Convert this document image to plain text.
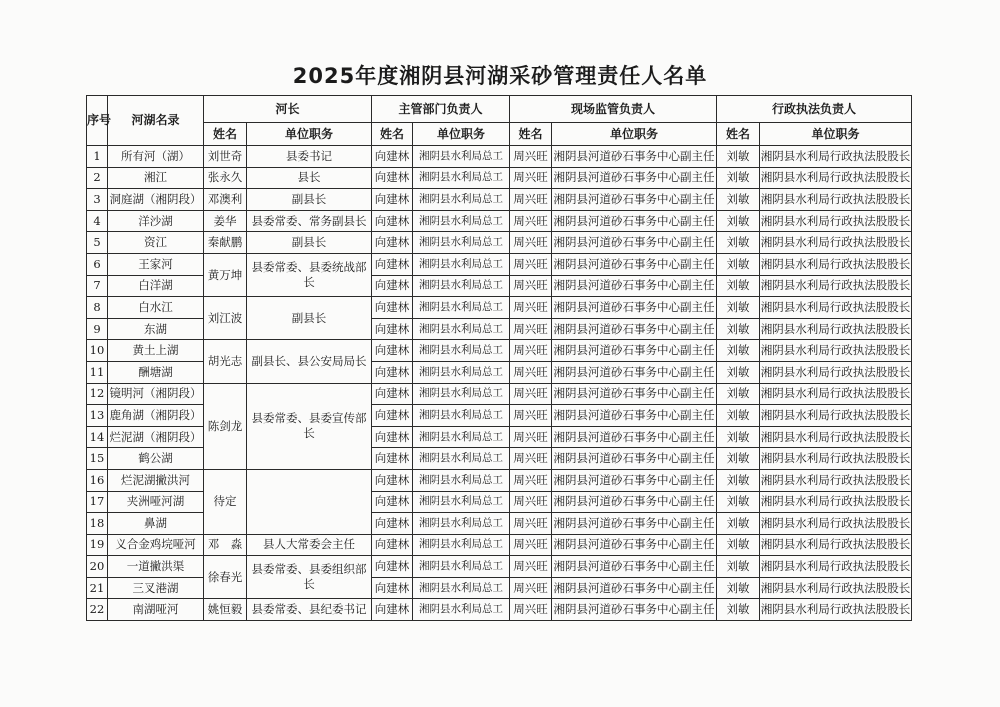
2025年度湘阴县河湖采砂管理责任人名单
序号	河湖名录	河长		主管部门负责人		现场监管负责人		行政执法负责人	
		姓名	单位职务	姓名	单位职务	姓名	单位职务	姓名	单位职务
1	所有河（湖）	刘世奇	县委书记	向建林	湘阴县水利局总工	周兴旺	湘阴县河道砂石事务中心副主任	刘敏	湘阴县水利局行政执法股股长
2	湘江	张永久	县长	向建林	湘阴县水利局总工	周兴旺	湘阴县河道砂石事务中心副主任	刘敏	湘阴县水利局行政执法股股长
3	洞庭湖（湘阴段）	邓澳利	副县长	向建林	湘阴县水利局总工	周兴旺	湘阴县河道砂石事务中心副主任	刘敏	湘阴县水利局行政执法股股长
4	洋沙湖	姜华	县委常委、常务副县长	向建林	湘阴县水利局总工	周兴旺	湘阴县河道砂石事务中心副主任	刘敏	湘阴县水利局行政执法股股长
5	资江	秦献鹏	副县长	向建林	湘阴县水利局总工	周兴旺	湘阴县河道砂石事务中心副主任	刘敏	湘阴县水利局行政执法股股长
6	王家河	黄万坤	县委常委、县委统战部长	向建林	湘阴县水利局总工	周兴旺	湘阴县河道砂石事务中心副主任	刘敏	湘阴县水利局行政执法股股长
7	白洋湖			向建林	湘阴县水利局总工	周兴旺	湘阴县河道砂石事务中心副主任	刘敏	湘阴县水利局行政执法股股长
8	白水江	刘江波	副县长	向建林	湘阴县水利局总工	周兴旺	湘阴县河道砂石事务中心副主任	刘敏	湘阴县水利局行政执法股股长
9	东湖			向建林	湘阴县水利局总工	周兴旺	湘阴县河道砂石事务中心副主任	刘敏	湘阴县水利局行政执法股股长
10	黄土上湖	胡光志	副县长、县公安局局长	向建林	湘阴县水利局总工	周兴旺	湘阴县河道砂石事务中心副主任	刘敏	湘阴县水利局行政执法股股长
11	酬塘湖			向建林	湘阴县水利局总工	周兴旺	湘阴县河道砂石事务中心副主任	刘敏	湘阴县水利局行政执法股股长
12	镜明河（湘阴段）	陈剑龙	县委常委、县委宣传部长	向建林	湘阴县水利局总工	周兴旺	湘阴县河道砂石事务中心副主任	刘敏	湘阴县水利局行政执法股股长
13	鹿角湖（湘阴段）			向建林	湘阴县水利局总工	周兴旺	湘阴县河道砂石事务中心副主任	刘敏	湘阴县水利局行政执法股股长
14	烂泥湖（湘阴段）			向建林	湘阴县水利局总工	周兴旺	湘阴县河道砂石事务中心副主任	刘敏	湘阴县水利局行政执法股股长
15	鹤公湖			向建林	湘阴县水利局总工	周兴旺	湘阴县河道砂石事务中心副主任	刘敏	湘阴县水利局行政执法股股长
16	烂泥湖撇洪河	待定		向建林	湘阴县水利局总工	周兴旺	湘阴县河道砂石事务中心副主任	刘敏	湘阴县水利局行政执法股股长
17	夹洲哑河湖			向建林	湘阴县水利局总工	周兴旺	湘阴县河道砂石事务中心副主任	刘敏	湘阴县水利局行政执法股股长
18	鼻湖			向建林	湘阴县水利局总工	周兴旺	湘阴县河道砂石事务中心副主任	刘敏	湘阴县水利局行政执法股股长
19	义合金鸡垸哑河	邓　淼	县人大常委会主任	向建林	湘阴县水利局总工	周兴旺	湘阴县河道砂石事务中心副主任	刘敏	湘阴县水利局行政执法股股长
20	一道撇洪渠	徐春光	县委常委、县委组织部长	向建林	湘阴县水利局总工	周兴旺	湘阴县河道砂石事务中心副主任	刘敏	湘阴县水利局行政执法股股长
21	三叉港湖			向建林	湘阴县水利局总工	周兴旺	湘阴县河道砂石事务中心副主任	刘敏	湘阴县水利局行政执法股股长
22	南湖哑河	姚恒毅	县委常委、县纪委书记	向建林	湘阴县水利局总工	周兴旺	湘阴县河道砂石事务中心副主任	刘敏	湘阴县水利局行政执法股股长
